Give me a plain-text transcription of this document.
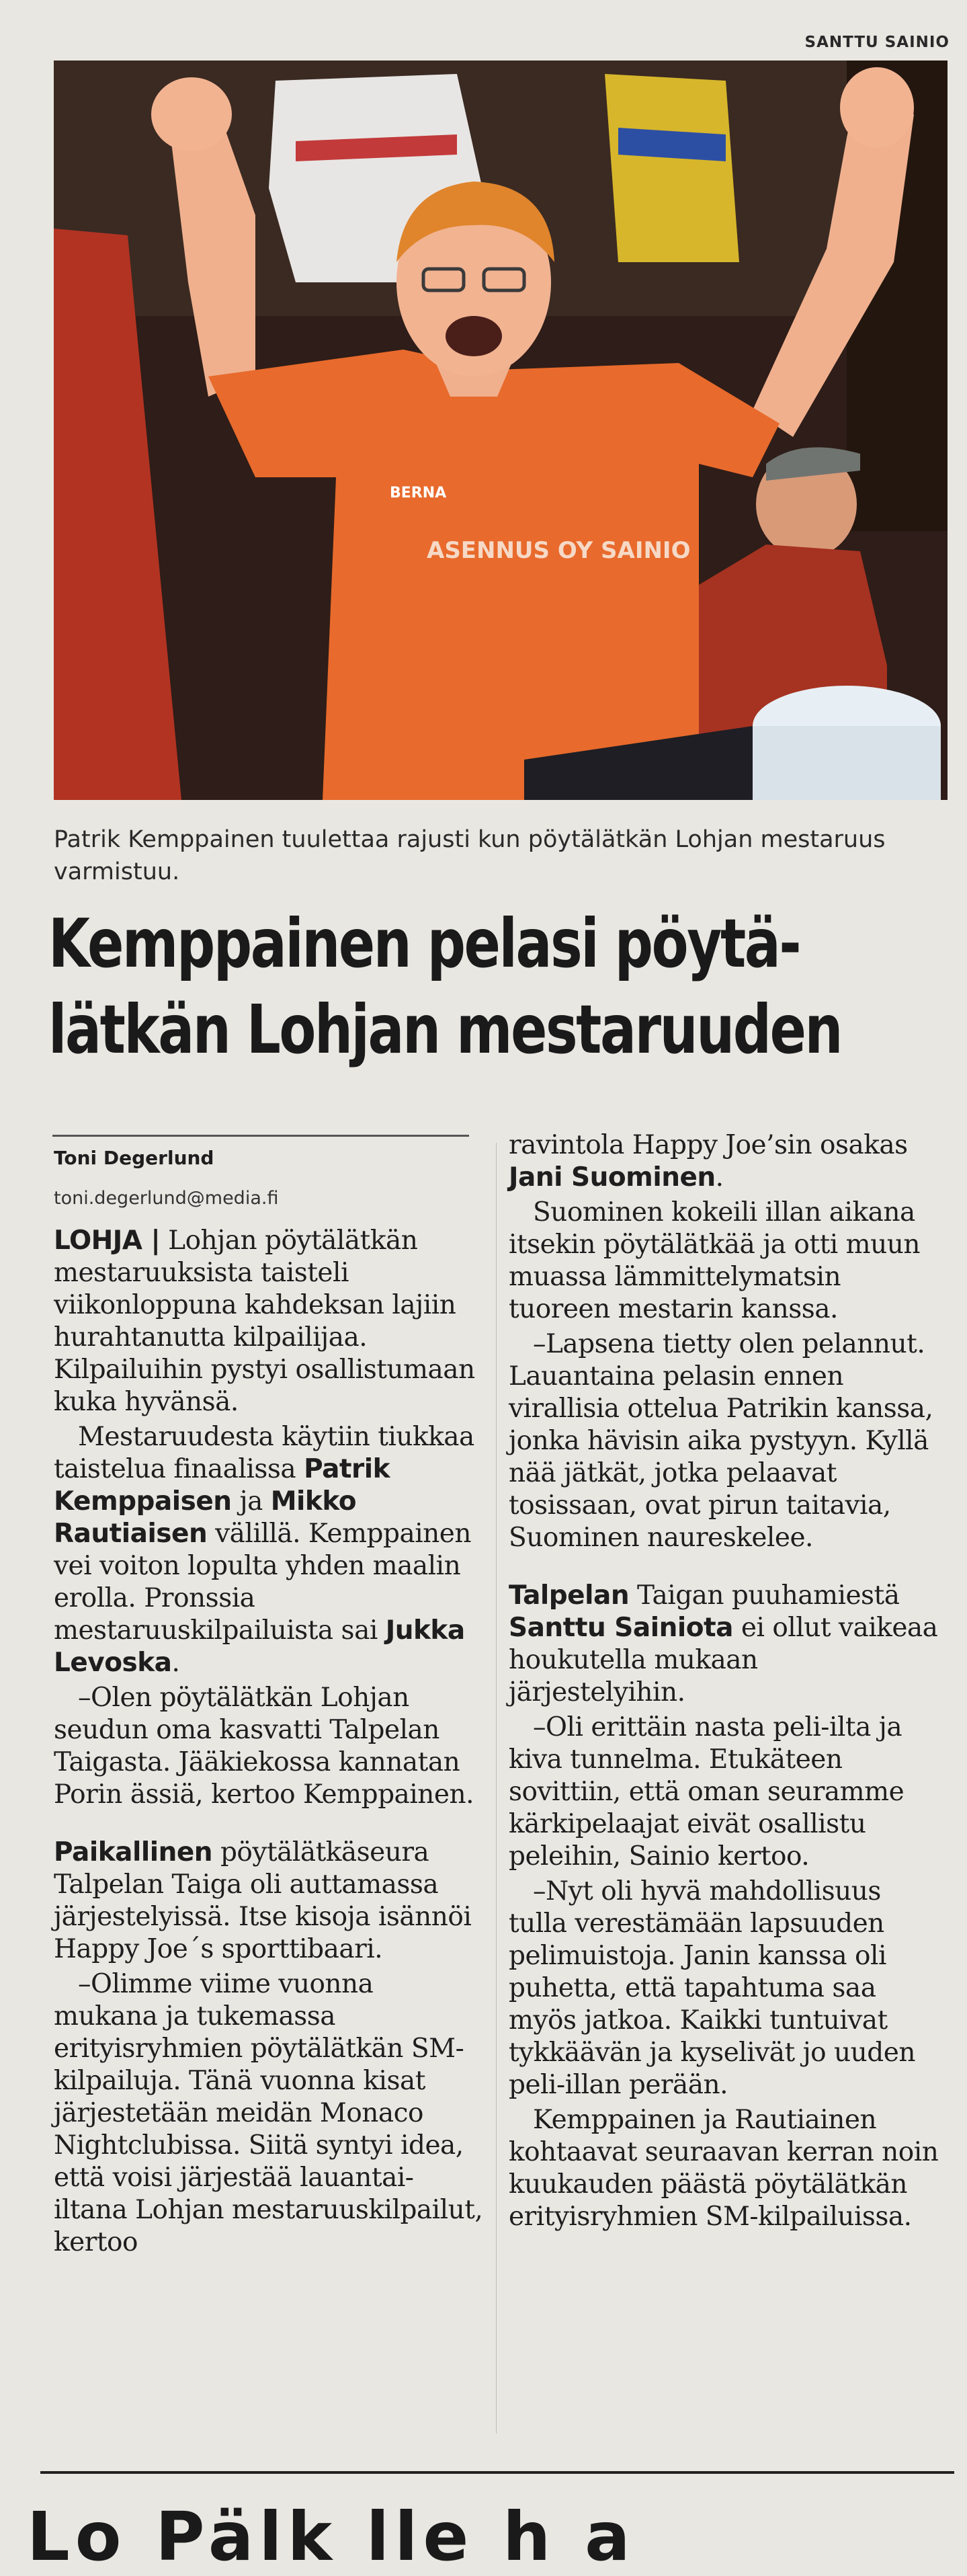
SANTTU SAINIO
ASENNUS OY SAINIO
BERNA
Patrik Kemppainen tuulettaa rajusti kun pöytälätkän Lohjan mestaruus varmistuu.
Kemppainen pelasi pöytä-
lätkän Lohjan mestaruuden
Toni Degerlund
toni.degerlund@media.fi

LOHJA | Lohjan pöytälätkän mestaruuksista taisteli viikonloppuna kahdeksan lajiin hurahtanutta kilpailijaa. Kilpailuihin pystyi osallistumaan kuka hyvänsä.

Mestaruudesta käytiin tiukkaa taistelua finaalissa Patrik Kemppaisen ja Mikko Rautiaisen välillä. Kemppainen vei voiton lopulta yhden maalin erolla. Pronssia mestaruuskilpailuista sai Jukka Levoska.

–Olen pöytälätkän Lohjan seudun oma kasvatti Talpelan Taigasta. Jääkiekossa kannatan Porin ässiä, kertoo Kemppainen.

Paikallinen pöytälätkäseura Talpelan Taiga oli auttamassa järjestelyissä. Itse kisoja isännöi Happy Joe´s sporttibaari.

–Olimme viime vuonna mukana ja tukemassa erityisryhmien pöytälätkän SM-kilpailuja. Tänä vuonna kisat järjestetään meidän Monaco Nightclubissa. Siitä syntyi idea, että voisi järjestää lauantai-iltana Lohjan mestaruuskilpailut, kertoo

ravintola Happy Joe’sin osakas Jani Suominen.

Suominen kokeili illan aikana itsekin pöytälätkää ja otti muun muassa lämmittelymatsin tuoreen mestarin kanssa.

–Lapsena tietty olen pelannut. Lauantaina pelasin ennen virallisia ottelua Patrikin kanssa, jonka hävisin aika pystyyn. Kyllä nää jätkät, jotka pelaavat tosissaan, ovat pirun taitavia, Suominen naureskelee.

Talpelan Taigan puuhamiestä Santtu Sainiota ei ollut vaikeaa houkutella mukaan järjestelyihin.

–Oli erittäin nasta peli-ilta ja kiva tunnelma. Etukäteen sovittiin, että oman seuramme kärkipelaajat eivät osallistu peleihin, Sainio kertoo.

–Nyt oli hyvä mahdollisuus tulla verestämään lapsuuden pelimuistoja. Janin kanssa oli puhetta, että tapahtuma saa myös jatkoa. Kaikki tuntuivat tykkäävän ja kyselivät jo uuden peli-illan perään.

Kemppainen ja Rautiainen kohtaavat seuraavan kerran noin kuukauden päästä pöytälätkän erityisryhmien SM-kilpailuissa.

Lo Pälk lle h a
